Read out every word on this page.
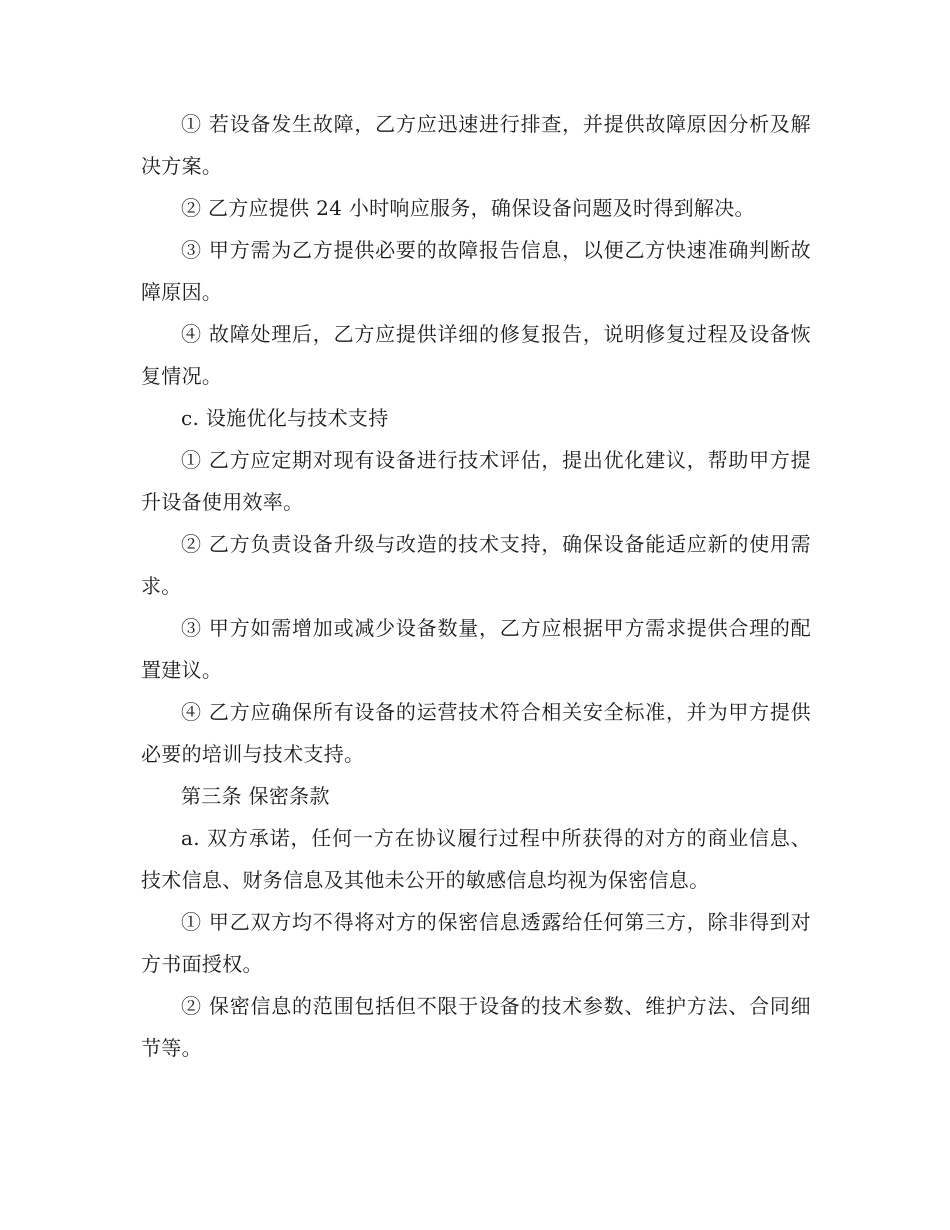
① 若设备发生故障，乙方应迅速进行排查，并提供故障原因分析及解决方案。

② 乙方应提供 24 小时响应服务，确保设备问题及时得到解决。

③ 甲方需为乙方提供必要的故障报告信息，以便乙方快速准确判断故障原因。

④ 故障处理后，乙方应提供详细的修复报告，说明修复过程及设备恢复情况。

c. 设施优化与技术支持

① 乙方应定期对现有设备进行技术评估，提出优化建议，帮助甲方提升设备使用效率。

② 乙方负责设备升级与改造的技术支持，确保设备能适应新的使用需求。

③ 甲方如需增加或减少设备数量，乙方应根据甲方需求提供合理的配置建议。

④ 乙方应确保所有设备的运营技术符合相关安全标准，并为甲方提供必要的培训与技术支持。

第三条 保密条款

a. 双方承诺，任何一方在协议履行过程中所获得的对方的商业信息、技术信息、财务信息及其他未公开的敏感信息均视为保密信息。

① 甲乙双方均不得将对方的保密信息透露给任何第三方，除非得到对方书面授权。

② 保密信息的范围包括但不限于设备的技术参数、维护方法、合同细节等。
